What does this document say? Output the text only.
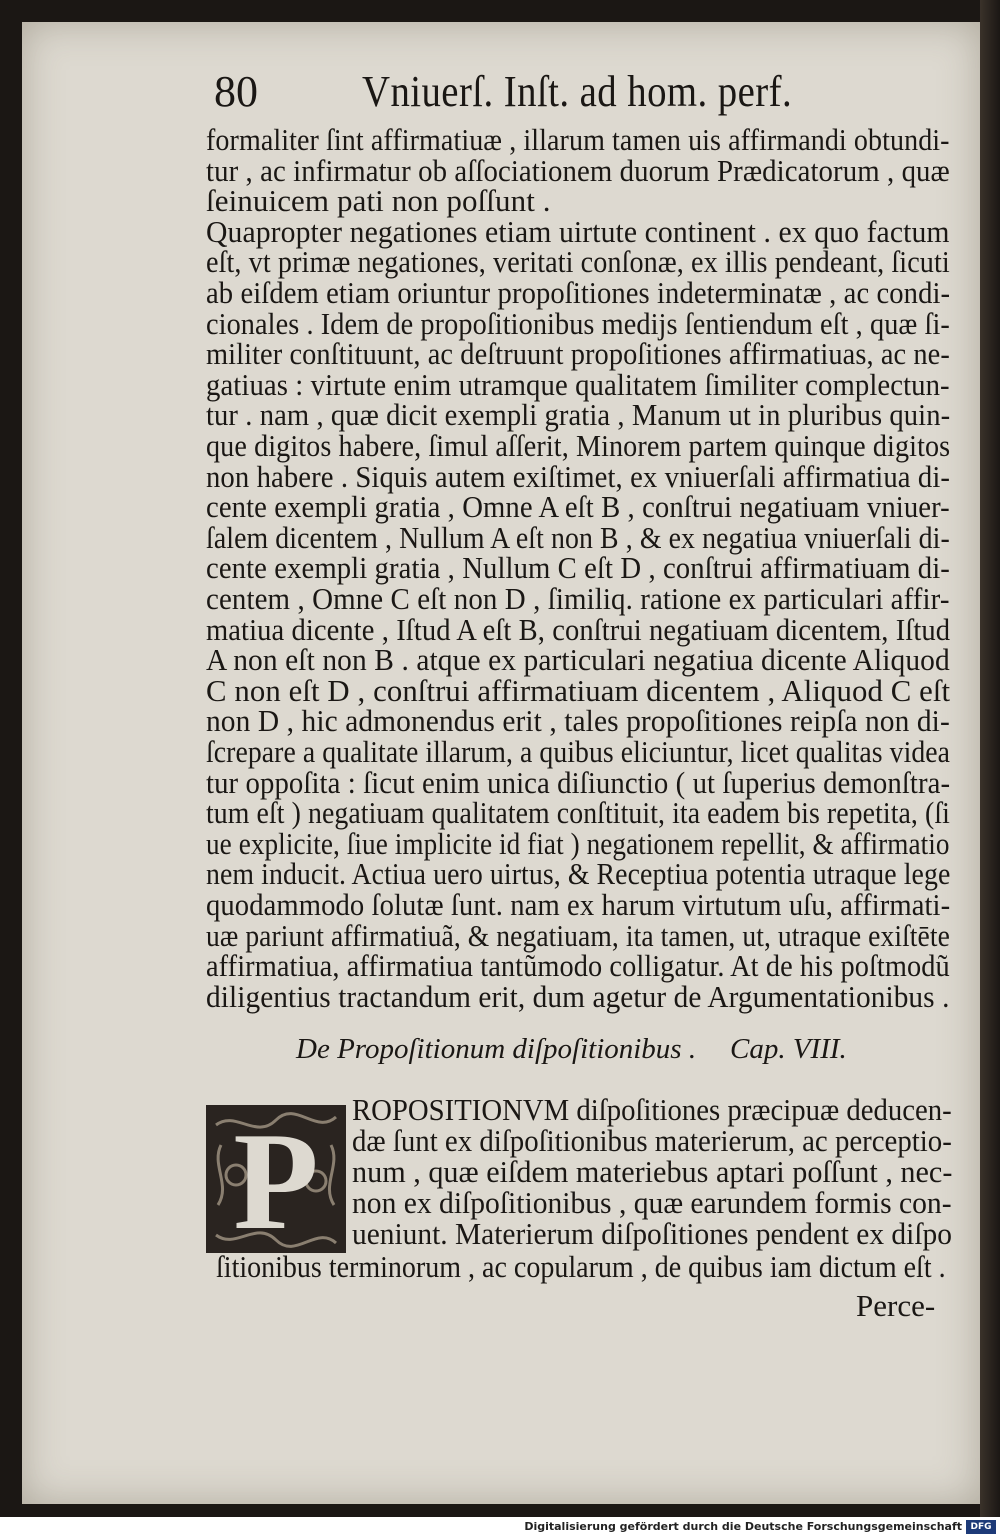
80 Vniuerſ. Inſt. ad hom. perf.
formaliter ſint affirmatiuæ , illarum tamen uis affirmandi obtundi-
tur , ac infirmatur ob aſſociationem duorum Prædicatorum , quæ
ſeinuicem pati non poſſunt .
Quapropter negationes etiam uirtute continent . ex quo factum
eſt, vt primæ negationes, veritati conſonæ, ex illis pendeant, ſicuti
ab eiſdem etiam oriuntur propoſitiones indeterminatæ , ac condi-
cionales . Idem de propoſitionibus medijs ſentiendum eſt , quæ ſi-
militer conſtituunt, ac deſtruunt propoſitiones affirmatiuas, ac ne-
gatiuas : virtute enim utramque qualitatem ſimiliter complectun-
tur . nam , quæ dicit exempli gratia , Manum ut in pluribus quin-
que digitos habere, ſimul aſſerit, Minorem partem quinque digitos
non habere . Siquis autem exiſtimet, ex vniuerſali affirmatiua di-
cente exempli gratia , Omne A eſt B , conſtrui negatiuam vniuer-
ſalem dicentem , Nullum A eſt non B , & ex negatiua vniuerſali di-
cente exempli gratia , Nullum C eſt D , conſtrui affirmatiuam di-
centem , Omne C eſt non D , ſimiliq. ratione ex particulari affir-
matiua dicente , Iſtud A eſt B, conſtrui negatiuam dicentem, Iſtud
A non eſt non B . atque ex particulari negatiua dicente Aliquod
C non eſt D , conſtrui affirmatiuam dicentem , Aliquod C eſt
non D , hic admonendus erit , tales propoſitiones reipſa non di-
ſcrepare a qualitate illarum, a quibus eliciuntur, licet qualitas videa
tur oppoſita : ſicut enim unica diſiunctio ( ut ſuperius demonſtra-
tum eſt ) negatiuam qualitatem conſtituit, ita eadem bis repetita, (ſi
ue explicite, ſiue implicite id fiat ) negationem repellit, & affirmatio
nem inducit. Actiua uero uirtus, & Receptiua potentia utraque lege
quodammodo ſolutæ ſunt. nam ex harum virtutum uſu, affirmati-
uæ pariunt affirmatiuã, & negatiuam, ita tamen, ut, utraque exiſtēte
affirmatiua, affirmatiua tantũmodo colligatur. At de his poſtmodũ
diligentius tractandum erit, dum agetur de Argumentationibus .
De Propoſitionum diſpoſitionibus . Cap. VIII.
P ROPOSITIONVM diſpoſitiones præcipuæ deducen-
dæ ſunt ex diſpoſitionibus materierum, ac perceptio-
num , quæ eiſdem materiebus aptari poſſunt , nec-
non ex diſpoſitionibus , quæ earundem formis con-
ueniunt. Materierum diſpoſitiones pendent ex diſpo
ſitionibus terminorum , ac copularum , de quibus iam dictum eſt .
Perce-
Digitalisierung gefördert durch die Deutsche Forschungsgemeinschaft DFG
